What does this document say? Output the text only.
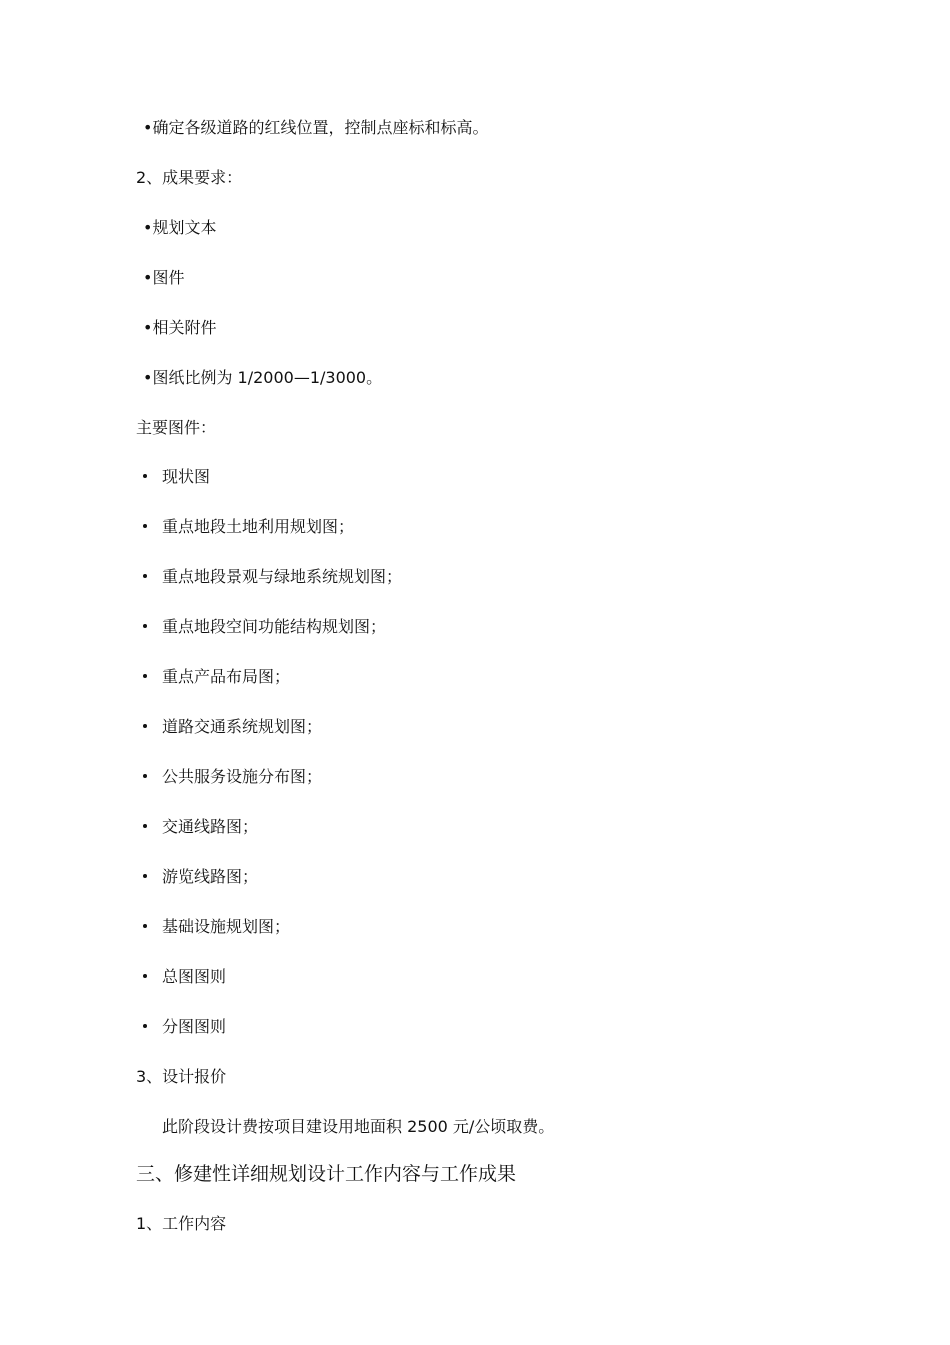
•确定各级道路的红线位置，控制点座标和标高。
2、成果要求：
•规划文本
•图件
•相关附件
•图纸比例为 1/2000—1/3000。
主要图件：
现状图
重点地段土地利用规划图；
重点地段景观与绿地系统规划图；
重点地段空间功能结构规划图；
重点产品布局图；
道路交通系统规划图；
公共服务设施分布图；
交通线路图；
游览线路图；
基础设施规划图；
总图图则
分图图则
3、设计报价
此阶段设计费按项目建设用地面积 2500 元/公顷取费。
三、修建性详细规划设计工作内容与工作成果
1、工作内容
